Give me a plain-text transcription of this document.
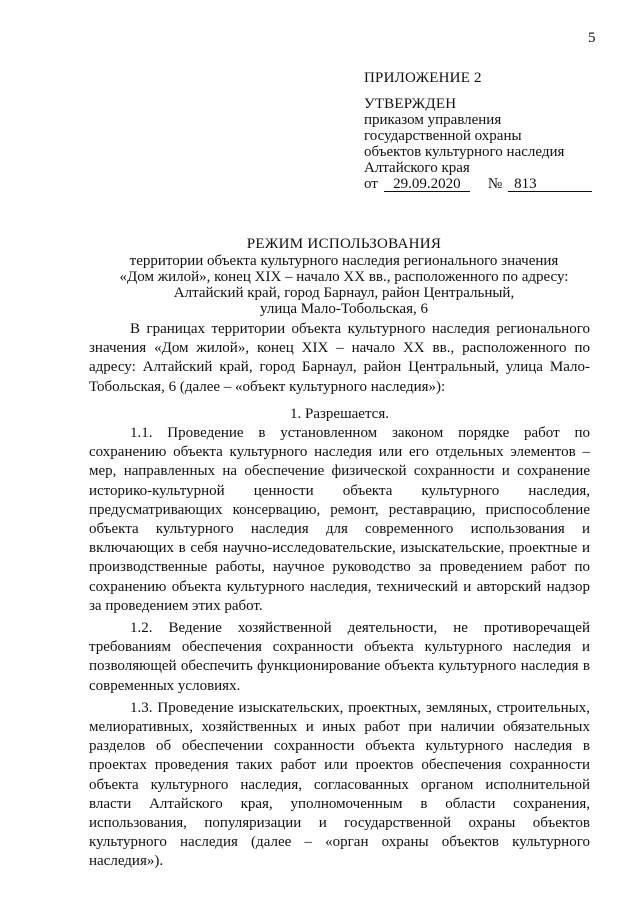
5
ПРИЛОЖЕНИЕ 2
УТВЕРЖДЕН
приказом управления
государственной охраны
объектов культурного наследия
Алтайского края
от 29.09.2020 № 813
РЕЖИМ ИСПОЛЬЗОВАНИЯ
территории объекта культурного наследия регионального значения
«Дом жилой», конец XIX – начало XX вв., расположенного по адресу:
Алтайский край, город Барнаул, район Центральный,
улица Мало-Тобольская, 6

В границах территории объекта культурного наследия регионального значения «Дом жилой», конец XIX – начало XX вв., расположенного по адресу: Алтайский край, город Барнаул, район Центральный, улица Мало-Тобольская, 6 (далее – «объект культурного наследия»):

1. Разрешается.

1.1. Проведение в установленном законом порядке работ по сохранению объекта культурного наследия или его отдельных элементов – мер, направленных на обеспечение физической сохранности и сохранение историко-культурной ценности объекта культурного наследия, предусматривающих консервацию, ремонт, реставрацию, приспособление объекта культурного наследия для современного использования и включающих в себя научно-исследовательские, изыскательские, проектные и производственные работы, научное руководство за проведением работ по сохранению объекта культурного наследия, технический и авторский надзор за проведением этих работ.

1.2. Ведение хозяйственной деятельности, не противоречащей требованиям обеспечения сохранности объекта культурного наследия и позволяющей обеспечить функционирование объекта культурного наследия в современных условиях.

1.3. Проведение изыскательских, проектных, земляных, строительных, мелиоративных, хозяйственных и иных работ при наличии обязательных разделов об обеспечении сохранности объекта культурного наследия в проектах проведения таких работ или проектов обеспечения сохранности объекта культурного наследия, согласованных органом исполнительной власти Алтайского края, уполномоченным в области сохранения, использования, популяризации и государственной охраны объектов культурного наследия (далее – «орган охраны объектов культурного наследия»).
